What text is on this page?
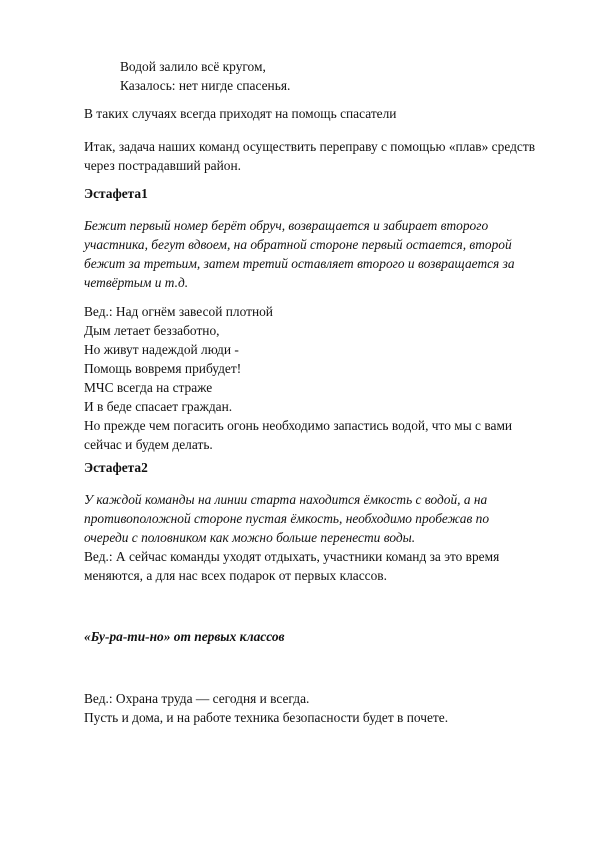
Водой залило всё кругом,
Казалось: нет нигде спасенья.
В таких случаях всегда приходят на помощь спасатели
Итак, задача наших команд осуществить переправу с помощью «плав» средств
через пострадавший район.
Эстафета1
Бежит первый номер берёт обруч, возвращается и забирает второго
участника, бегут вдвоем, на обратной стороне первый остается, второй
бежит за третьим, затем третий оставляет второго и возвращается за
четвёртым и т.д.
Вед.: Над огнём завесой плотной
Дым летает беззаботно,
Но живут надеждой люди -
Помощь вовремя прибудет!
МЧС всегда на страже
И в беде спасает граждан.
Но прежде чем погасить огонь необходимо запастись водой, что мы с вами
сейчас и будем делать.
Эстафета2
У каждой команды на линии старта находится ёмкость с водой, а на
противоположной стороне пустая ёмкость, необходимо пробежав по
очереди с половником как можно больше перенести воды.
Вед.: А сейчас команды уходят отдыхать, участники команд за это время
меняются, а для нас всех подарок от первых классов.
«Бу-ра-ти-но» от первых классов
Вед.: Охрана труда — сегодня и всегда.
Пусть и дома, и на работе техника безопасности будет в почете.
